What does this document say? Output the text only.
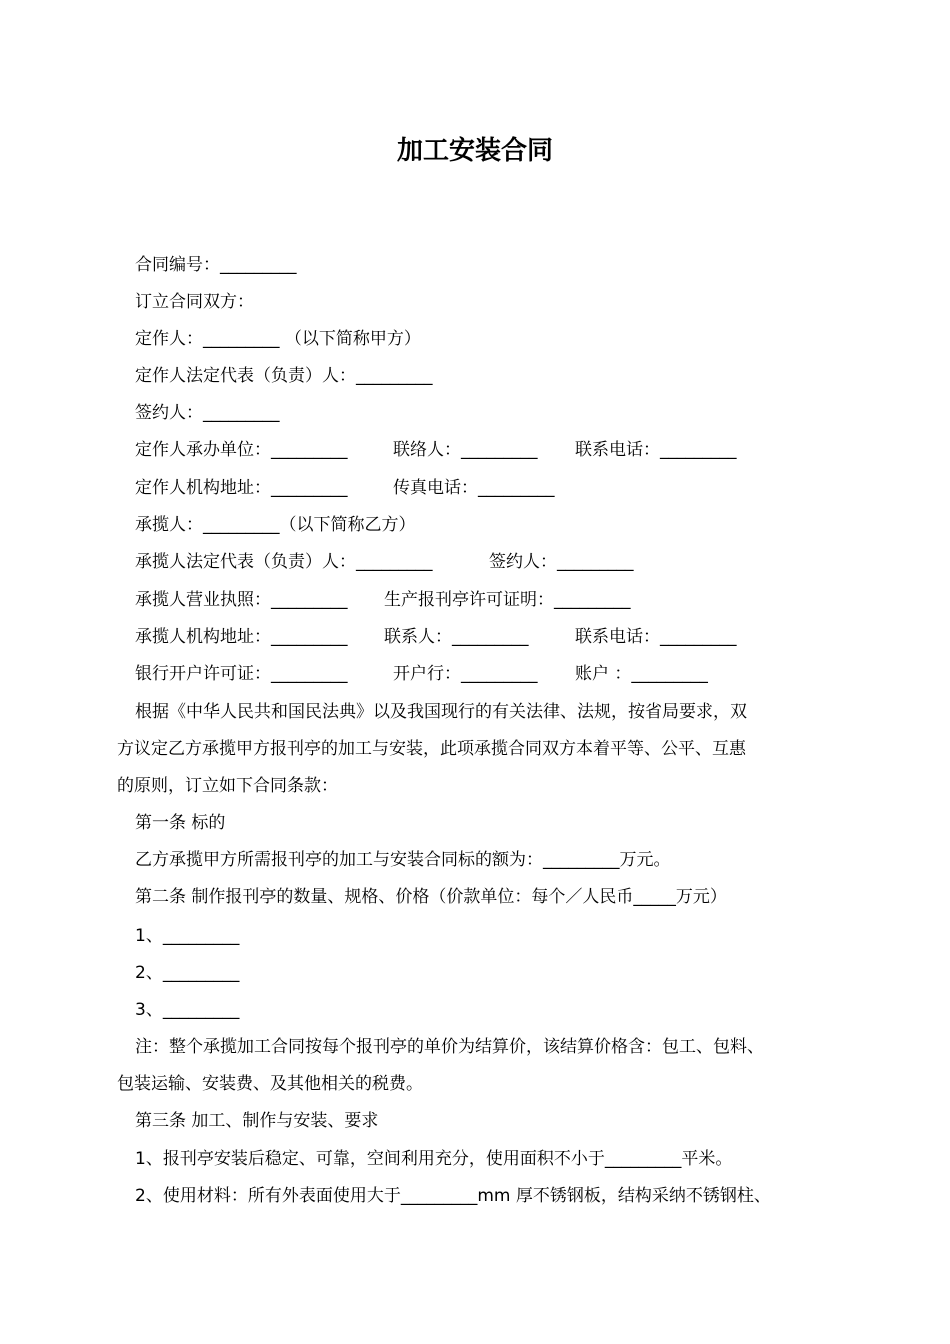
加工安装合同

合同编号：_________

订立合同双方：

定作人：_________ （以下简称甲方）

定作人法定代表（负责）人：_________

签约人：_________

定作人承办单位：_________

	联络人：_________

联系电话：_________

定作人机构地址：_________

	传真电话：_________

承揽人：_________（以下简称乙方）

承揽人法定代表（负责）人：_________

	签约人：_________

承揽人营业执照：_________

生产报刊亭许可证明：_________

承揽人机构地址：_________

联系人：_________

	联系电话：_________

银行开户许可证：_________

	开户行：_________

账户 ：_________

根据《中华人民共和国民法典》以及我国现行的有关法律、法规，按省局要求，双

方议定乙方承揽甲方报刊亭的加工与安装，此项承揽合同双方本着平等、公平、互惠

的原则，订立如下合同条款：

第一条 标的

乙方承揽甲方所需报刊亭的加工与安装合同标的额为：_________万元。

第二条 制作报刊亭的数量、规格、价格（价款单位：每个／人民币_____万元）

1、_________

2、_________

3、_________

注：整个承揽加工合同按每个报刊亭的单价为结算价，该结算价格含：包工、包料、

包装运输、安装费、及其他相关的税费。

第三条 加工、制作与安装、要求

1、报刊亭安装后稳定、可靠，空间利用充分，使用面积不小于_________平米。

2、使用材料：所有外表面使用大于_________mm 厚不锈钢板，结构采纳不锈钢柱、
